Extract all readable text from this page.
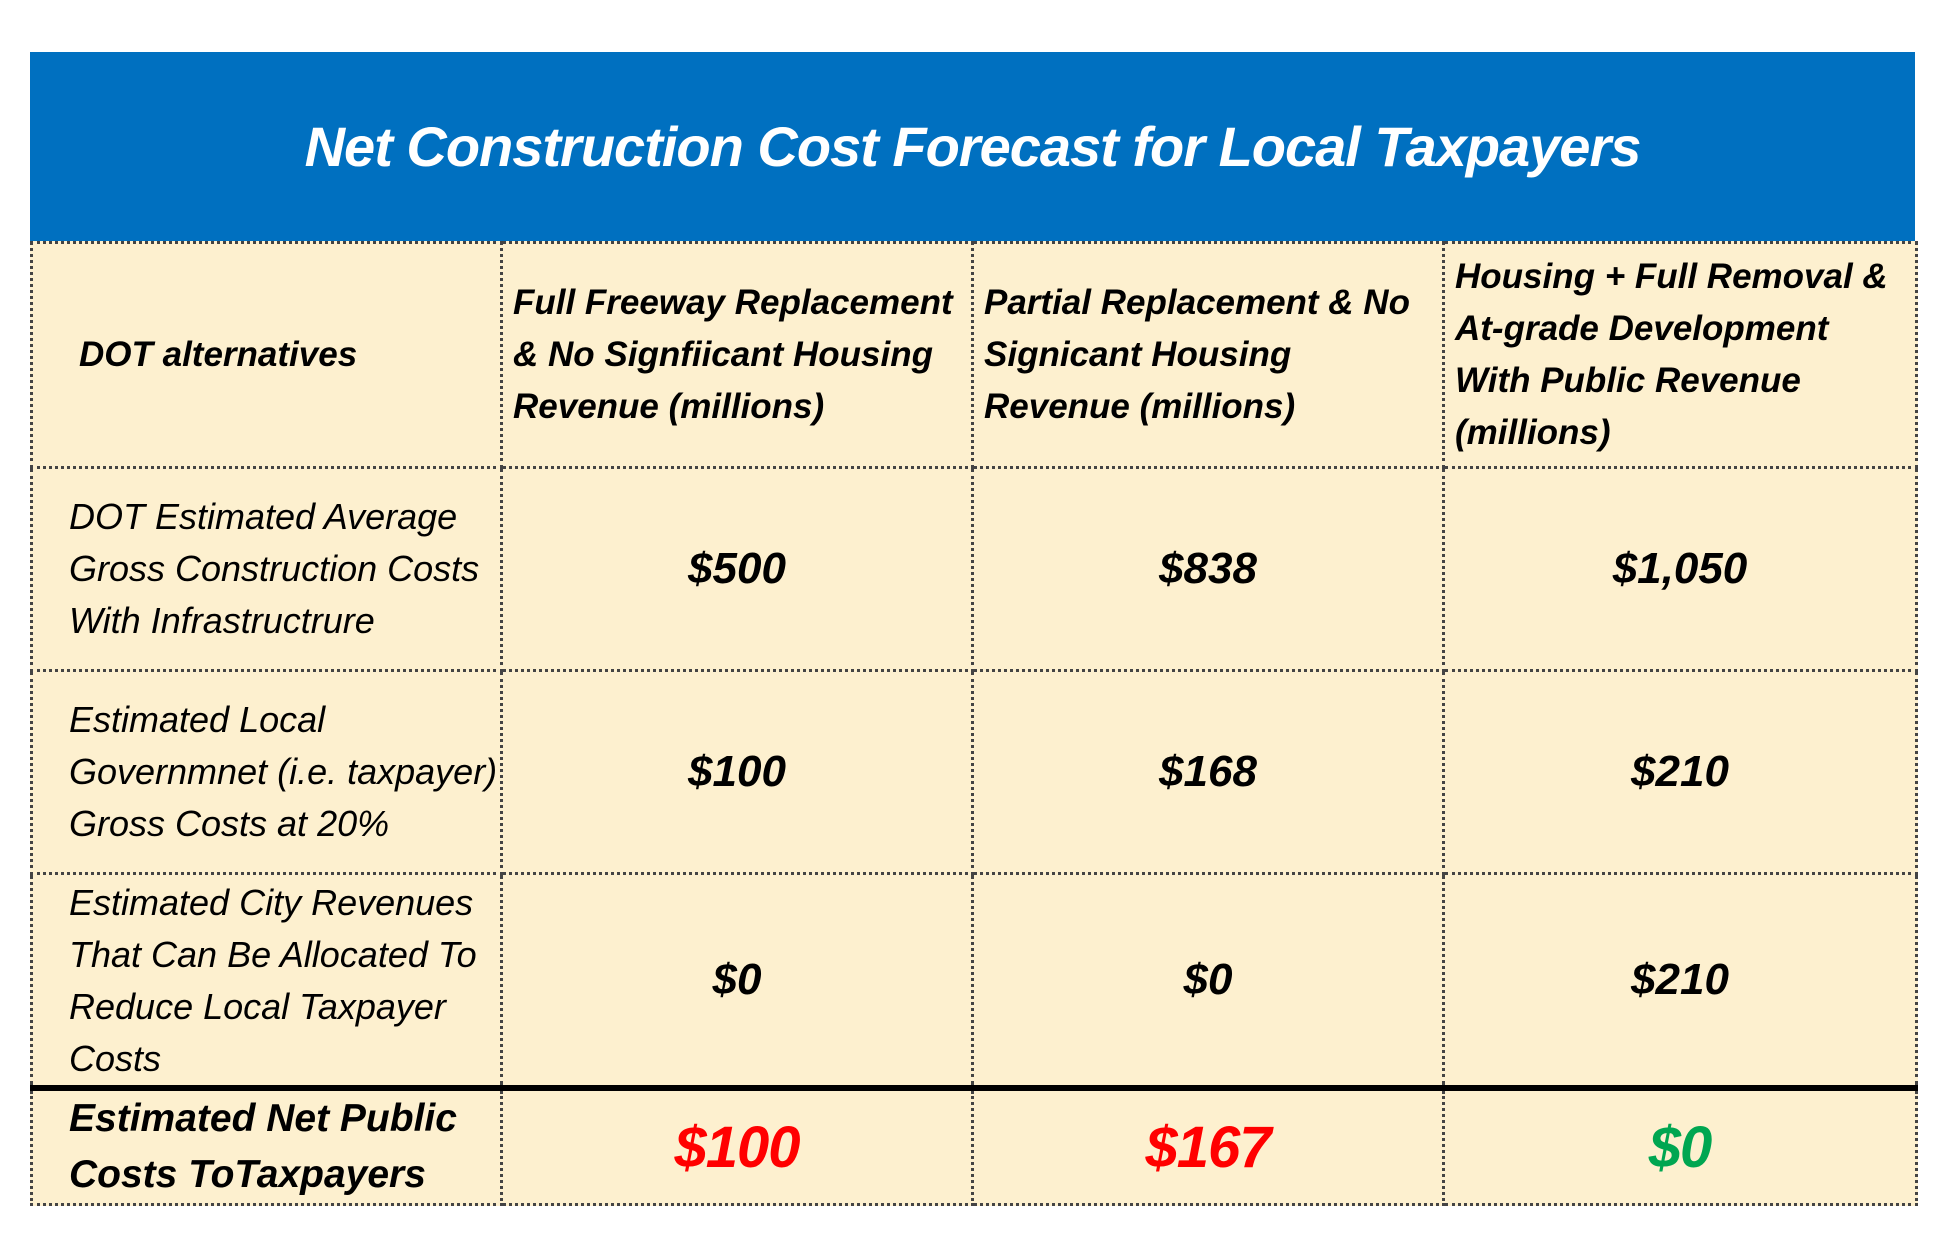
Net Construction Cost Forecast for Local Taxpayers
DOT alternatives	Full Freeway Replacement & No Signfiicant Housing Revenue (millions)	Partial Replacement & No Signicant Housing Revenue (millions)	Housing + Full Removal & At-grade Development With Public Revenue (millions)
DOT Estimated Average Gross Construction Costs With Infrastructrure	$500	$838	$1,050
Estimated Local Governmnet (i.e. taxpayer) Gross Costs at 20%	$100	$168	$210
Estimated City Revenues That Can Be Allocated To Reduce Local Taxpayer Costs	$0	$0	$210
Estimated Net Public Costs ToTaxpayers	$100	$167	$0
